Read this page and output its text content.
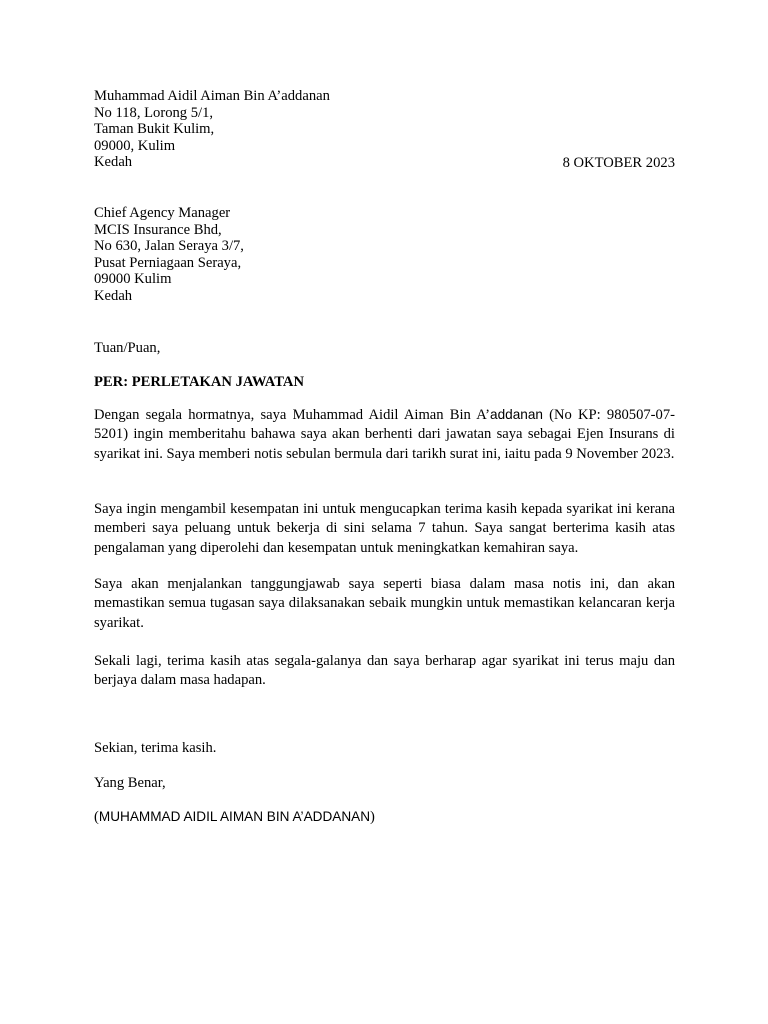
Muhammad Aidil Aiman Bin A’addanan
No 118, Lorong 5/1,
Taman Bukit Kulim,
09000, Kulim
Kedah	8 OKTOBER 2023
Chief Agency Manager
MCIS Insurance Bhd,
No 630, Jalan Seraya 3/7,
Pusat Perniagaan Seraya,
09000 Kulim
Kedah
Tuan/Puan,
PER: PERLETAKAN JAWATAN
Dengan segala hormatnya, saya Muhammad Aidil Aiman Bin A’addanan (No KP: 980507-07-5201) ingin memberitahu bahawa saya akan berhenti dari jawatan saya sebagai Ejen Insurans di syarikat ini. Saya memberi notis sebulan bermula dari tarikh surat ini, iaitu pada 9 November 2023.
Saya ingin mengambil kesempatan ini untuk mengucapkan terima kasih kepada syarikat ini kerana memberi saya peluang untuk bekerja di sini selama 7 tahun. Saya sangat berterima kasih atas pengalaman yang diperolehi dan kesempatan untuk meningkatkan kemahiran saya.
Saya akan menjalankan tanggungjawab saya seperti biasa dalam masa notis ini, dan akan memastikan semua tugasan saya dilaksanakan sebaik mungkin untuk memastikan kelancaran kerja syarikat.
Sekali lagi, terima kasih atas segala-galanya dan saya berharap agar syarikat ini terus maju dan berjaya dalam masa hadapan.
Sekian, terima kasih.
Yang Benar,
(MUHAMMAD AIDIL AIMAN BIN A’ADDANAN)
